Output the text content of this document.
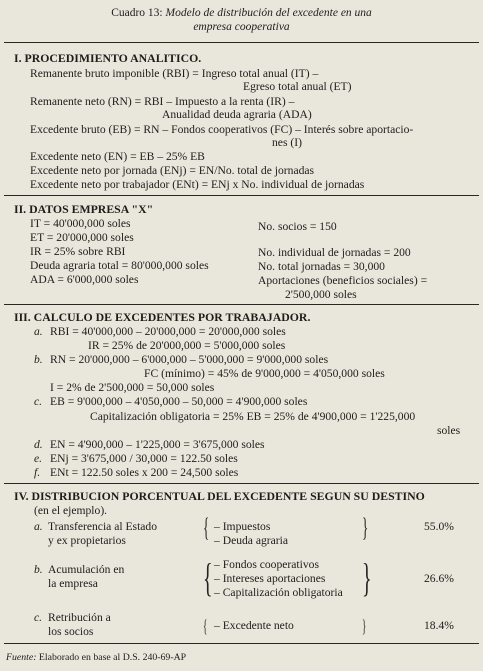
Cuadro 13: Modelo de distribución del excedente en una
empresa cooperativa
I. PROCEDIMIENTO ANALITICO.
Remanente bruto imponible (RBI) = Ingreso total anual (IT) –
Egreso total anual (ET)
Remanente neto (RN) = RBI – Impuesto a la renta (IR) –
Anualidad deuda agraria (ADA)
Excedente bruto (EB) = RN – Fondos cooperativos (FC) – Interés sobre aportacio-
nes (I)
Excedente neto (EN) = EB – 25% EB
Excedente neto por jornada (ENj) = EN/No. total de jornadas
Excedente neto por trabajador (ENt) = ENj x No. individual de jornadas
II. DATOS EMPRESA "X"
IT = 40'000,000 soles
ET = 20'000,000 soles
IR = 25% sobre RBI
Deuda agraria total = 80'000,000 soles
ADA = 6'000,000 soles
No. socios = 150
No. individual de jornadas = 200
No. total jornadas = 30,000
Aportaciones (beneficios sociales) =
2'500,000 soles
III. CALCULO DE EXCEDENTES POR TRABAJADOR.
a. RBI = 40'000,000 – 20'000,000 = 20'000,000 soles
IR = 25% de 20'000,000 = 5'000,000 soles
b. RN = 20'000,000 – 6'000,000 – 5'000,000 = 9'000,000 soles
FC (mínimo) = 45% de 9'000,000 = 4'050,000 soles
I = 2% de 2'500,000 = 50,000 soles
c. EB = 9'000,000 – 4'050,000 – 50,000 = 4'900,000 soles
Capitalización obligatoria = 25% EB = 25% de 4'900,000 = 1'225,000
soles
d. EN = 4'900,000 – 1'225,000 = 3'675,000 soles
e. ENj = 3'675,000 / 30,000 = 122.50 soles
f. ENt = 122.50 soles x 200 = 24,500 soles
IV. DISTRIBUCION PORCENTUAL DEL EXCEDENTE SEGUN SU DESTINO
(en el ejemplo).
a. Transferencia al Estado
y ex propietarios	{ – Impuestos
– Deuda agraria	}	55.0%
b. Acumulación en
la empresa	{ – Fondos cooperativos
– Intereses aportaciones
– Capitalización obligatoria }	26.6%
c. Retribución a
los socios	{ – Excedente neto	}	18.4%
Fuente: Elaborado en base al D.S. 240-69-AP
